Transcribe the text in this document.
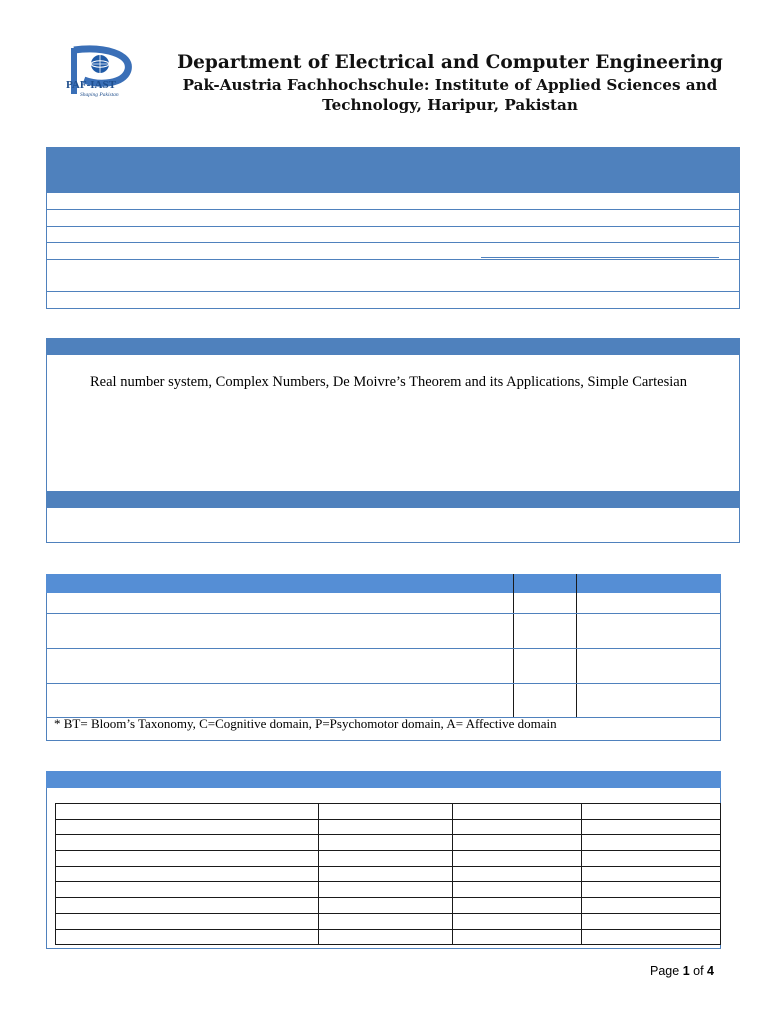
PAF-IAST
Shaping Pakistan
Department of Electrical and Computer Engineering
Pak-Austria Fachhochschule: Institute of Applied Sciences and
Technology, Haripur, Pakistan
Real number system, Complex Numbers, De Moivre’s Theorem and its Applications, Simple Cartesian
* BT= Bloom’s Taxonomy, C=Cognitive domain, P=Psychomotor domain, A= Affective domain

Page 1 of 4
